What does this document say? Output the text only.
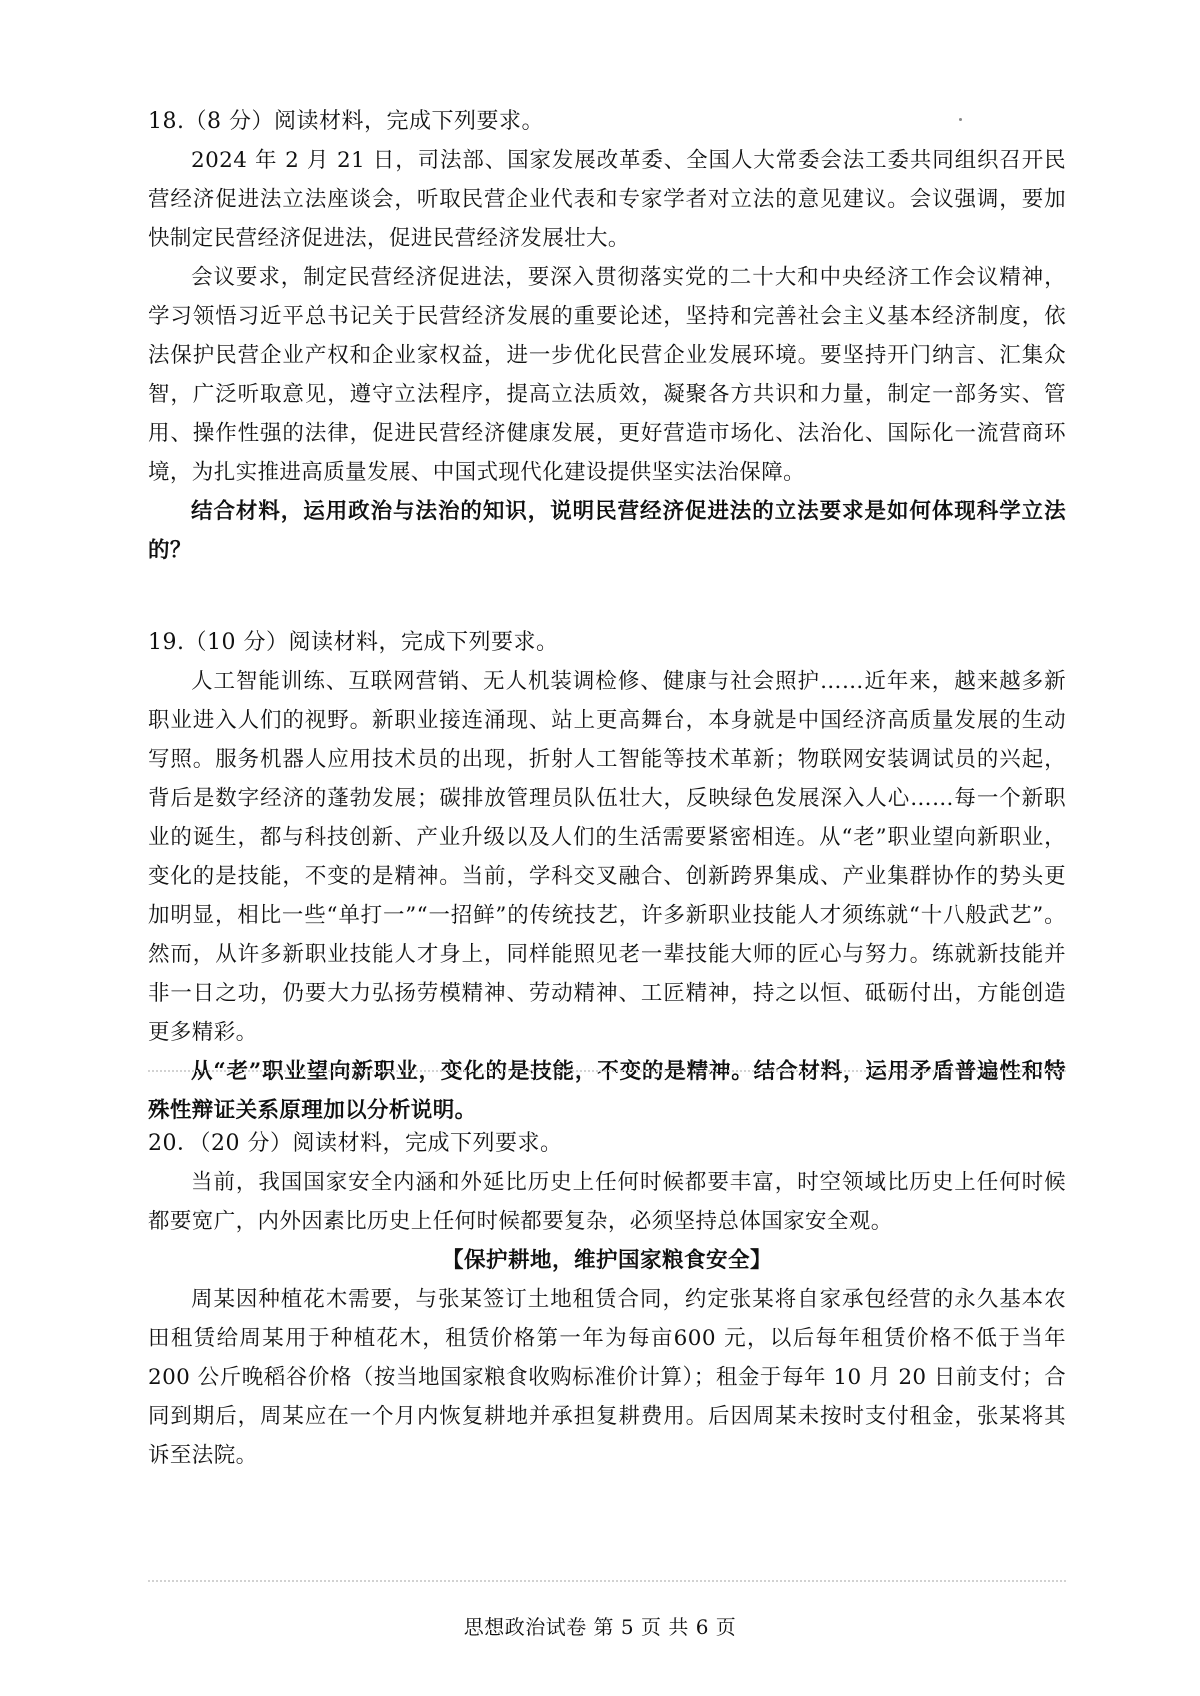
18.（8 分）阅读材料，完成下列要求。

2024 年 2 月 21 日，司法部、国家发展改革委、全国人大常委会法工委共同组织召开民营经济促进法立法座谈会，听取民营企业代表和专家学者对立法的意见建议。会议强调，要加快制定民营经济促进法，促进民营经济发展壮大。

会议要求，制定民营经济促进法，要深入贯彻落实党的二十大和中央经济工作会议精神，学习领悟习近平总书记关于民营经济发展的重要论述，坚持和完善社会主义基本经济制度，依法保护民营企业产权和企业家权益，进一步优化民营企业发展环境。要坚持开门纳言、汇集众智，广泛听取意见，遵守立法程序，提高立法质效，凝聚各方共识和力量，制定一部务实、管用、操作性强的法律，促进民营经济健康发展，更好营造市场化、法治化、国际化一流营商环境，为扎实推进高质量发展、中国式现代化建设提供坚实法治保障。

结合材料，运用政治与法治的知识，说明民营经济促进法的立法要求是如何体现科学立法的？

19.（10 分）阅读材料，完成下列要求。

人工智能训练、互联网营销、无人机装调检修、健康与社会照护……近年来，越来越多新职业进入人们的视野。新职业接连涌现、站上更高舞台，本身就是中国经济高质量发展的生动写照。服务机器人应用技术员的出现，折射人工智能等技术革新；物联网安装调试员的兴起，背后是数字经济的蓬勃发展；碳排放管理员队伍壮大，反映绿色发展深入人心……每一个新职业的诞生，都与科技创新、产业升级以及人们的生活需要紧密相连。从“老”职业望向新职业，变化的是技能，不变的是精神。当前，学科交叉融合、创新跨界集成、产业集群协作的势头更加明显，相比一些“单打一”“一招鲜”的传统技艺，许多新职业技能人才须练就“十八般武艺”。然而，从许多新职业技能人才身上，同样能照见老一辈技能大师的匠心与努力。练就新技能并非一日之功，仍要大力弘扬劳模精神、劳动精神、工匠精神，持之以恒、砥砺付出，方能创造更多精彩。

从“老”职业望向新职业，变化的是技能，不变的是精神。结合材料，运用矛盾普遍性和特殊性辩证关系原理加以分析说明。

20．（20 分）阅读材料，完成下列要求。

当前，我国国家安全内涵和外延比历史上任何时候都要丰富，时空领域比历史上任何时候都要宽广，内外因素比历史上任何时候都要复杂，必须坚持总体国家安全观。

【保护耕地，维护国家粮食安全】

周某因种植花木需要，与张某签订土地租赁合同，约定张某将自家承包经营的永久基本农田租赁给周某用于种植花木，租赁价格第一年为每亩600 元，以后每年租赁价格不低于当年 200 公斤晚稻谷价格（按当地国家粮食收购标准价计算）；租金于每年 10 月 20 日前支付；合同到期后，周某应在一个月内恢复耕地并承担复耕费用。后因周某未按时支付租金，张某将其诉至法院。

思想政治试卷 第 5 页 共 6 页
